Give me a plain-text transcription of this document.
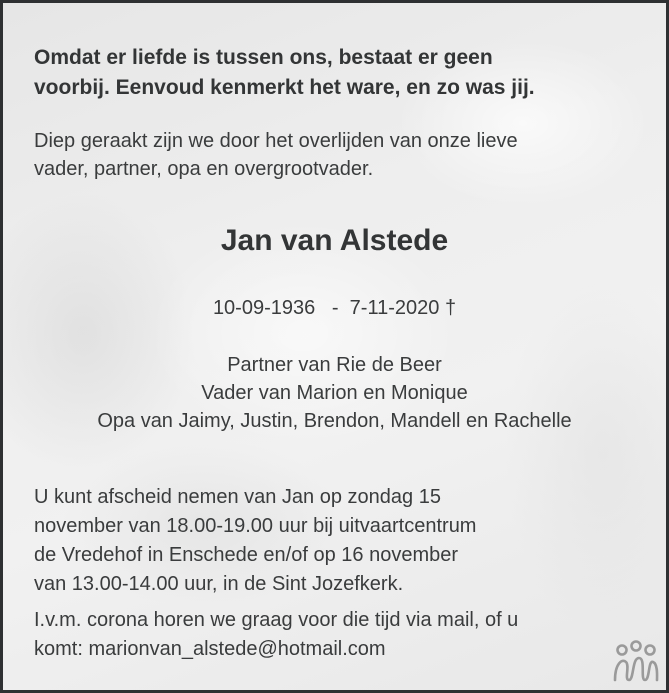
Omdat er liefde is tussen ons, bestaat er geen
voorbij. Eenvoud kenmerkt het ware, en zo was jij.
Diep geraakt zijn we door het overlijden van onze lieve
vader, partner, opa en overgrootvader.
Jan van Alstede
10-09-1936   -  7-11-2020 †
Partner van Rie de Beer
Vader van Marion en Monique
Opa van Jaimy, Justin, Brendon, Mandell en Rachelle
U kunt afscheid nemen van Jan op zondag 15
november van 18.00-19.00 uur bij uitvaartcentrum
de Vredehof in Enschede en/of op 16 november
van 13.00-14.00 uur, in de Sint Jozefkerk.
I.v.m. corona horen we graag voor die tijd via mail, of u
komt: marionvan_alstede@hotmail.com
